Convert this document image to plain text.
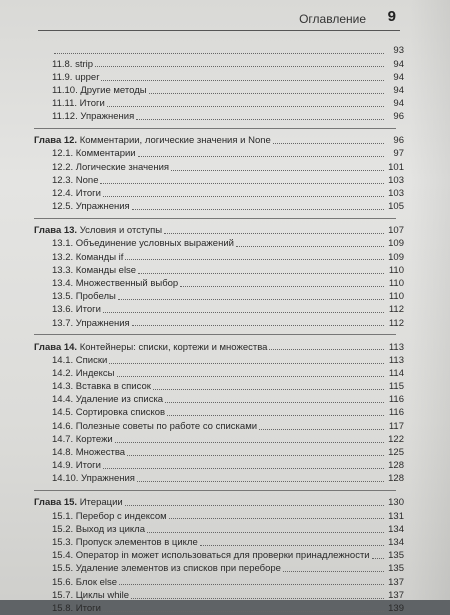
Оглавление 9
93
11.8. strip	94
11.9. upper	94
11.10. Другие методы	94
11.11. Итоги	94
11.12. Упражнения	96
Глава 12. Комментарии, логические значения и None	96
12.1. Комментарии	97
12.2. Логические значения	101
12.3. None	103
12.4. Итоги	103
12.5. Упражнения	105
Глава 13. Условия и отступы	107
13.1. Объединение условных выражений	109
13.2. Команды if	109
13.3. Команды else	110
13.4. Множественный выбор	110
13.5. Пробелы	110
13.6. Итоги	112
13.7. Упражнения	112
Глава 14. Контейнеры: списки, кортежи и множества	113
14.1. Списки	113
14.2. Индексы	114
14.3. Вставка в список	115
14.4. Удаление из списка	116
14.5. Сортировка списков	116
14.6. Полезные советы по работе со списками	117
14.7. Кортежи	122
14.8. Множества	125
14.9. Итоги	128
14.10. Упражнения	128
Глава 15. Итерации	130
15.1. Перебор с индексом	131
15.2. Выход из цикла	134
15.3. Пропуск элементов в цикле	134
15.4. Оператор in может использоваться для проверки принадлежности 135
15.5. Удаление элементов из списков при переборе	135
15.6. Блок else	137
15.7. Циклы while	137
15.8. Итоги	139
